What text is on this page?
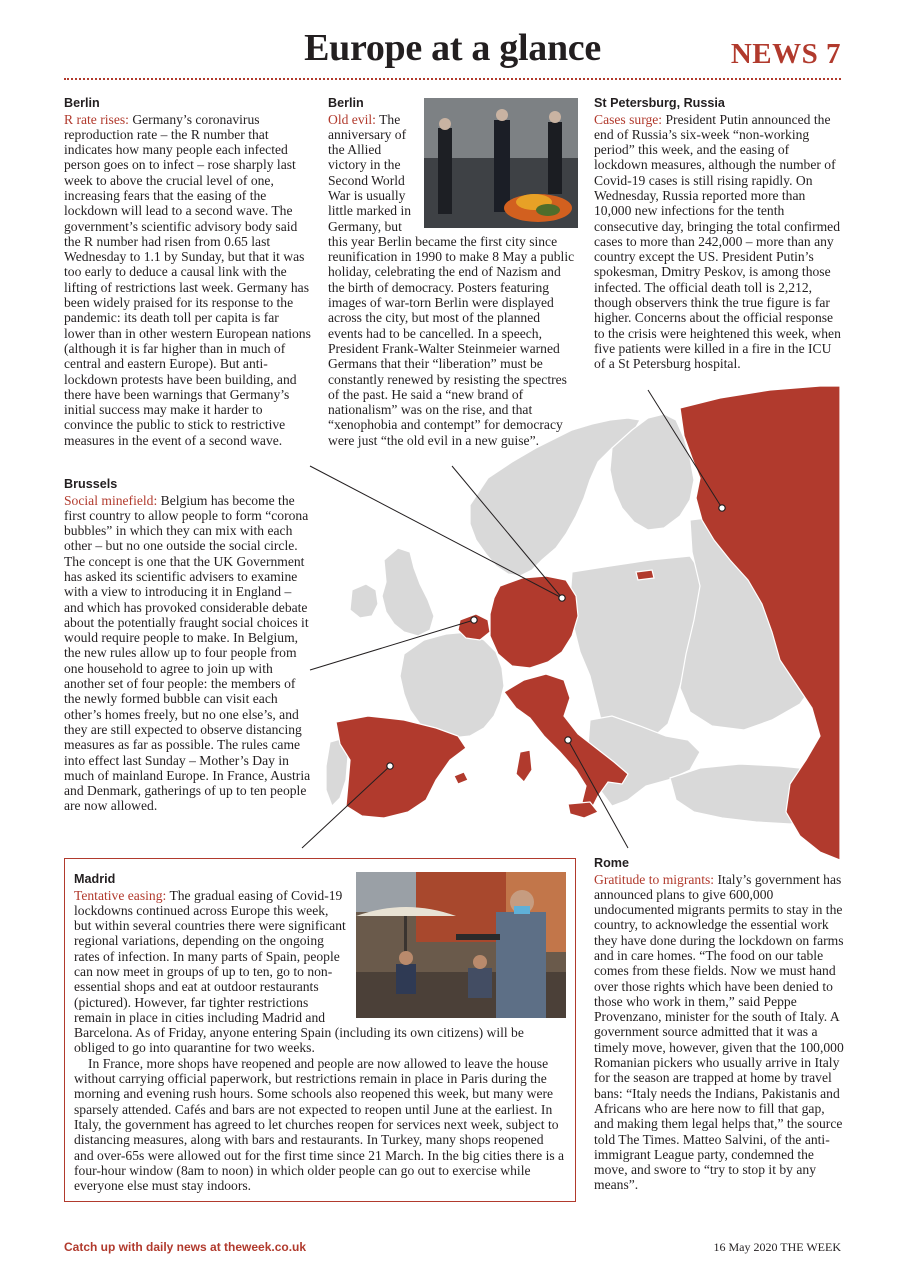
Europe at a glance	NEWS 7
Berlin

R rate rises: Germany’s coronavirus reproduction rate – the R number that indicates how many people each infected person goes on to infect – rose sharply last week to above the crucial level of one, increasing fears that the easing of the lockdown will lead to a second wave. The government’s scientific advisory body said the R number had risen from 0.65 last Wednesday to 1.1 by Sunday, but that it was too early to deduce a causal link with the lifting of restrictions last week. Germany has been widely praised for its response to the pandemic: its death toll per capita is far lower than in other western European nations (although it is far higher than in much of central and eastern Europe). But anti-lockdown protests have been building, and there have been warnings that Germany’s initial success may make it harder to convince the public to stick to restrictive measures in the event of a second wave.

Berlin

Old evil: The anniversary of the Allied victory in the Second World War is usually little marked in Germany, but this year Berlin became the first city since reunification in 1990 to make 8 May a public holiday, celebrating the end of Nazism and the birth of democracy. Posters featuring images of war-torn Berlin were displayed across the city, but most of the planned events had to be cancelled. In a speech, President Frank-Walter Steinmeier warned Germans that their “liberation” must be constantly renewed by resisting the spectres of the past. He said a “new brand of nationalism” was on the rise, and that “xenophobia and contempt” for democracy were just “the old evil in a new guise”.

St Petersburg, Russia

Cases surge: President Putin announced the end of Russia’s six-week “non-working period” this week, and the easing of lockdown measures, although the number of Covid-19 cases is still rising rapidly. On Wednesday, Russia reported more than 10,000 new infections for the tenth consecutive day, bringing the total confirmed cases to more than 242,000 – more than any country except the US. President Putin’s spokesman, Dmitry Peskov, is among those infected. The official death toll is 2,212, though observers think the true figure is far higher. Concerns about the official response to the crisis were heightened this week, when five patients were killed in a fire in the ICU of a St Petersburg hospital.

Brussels

Social minefield: Belgium has become the first country to allow people to form “corona bubbles” in which they can mix with each other – but no one outside the social circle. The concept is one that the UK Government has asked its scientific advisers to examine with a view to introducing it in England – and which has provoked considerable debate about the potentially fraught social choices it would require people to make. In Belgium, the new rules allow up to four people from one household to agree to join up with another set of four people: the members of the newly formed bubble can visit each other’s homes freely, but no one else’s, and they are still expected to observe distancing measures as far as possible. The rules came into effect last Sunday – Mother’s Day in much of mainland Europe. In France, Austria and Denmark, gatherings of up to ten people are now allowed.

Madrid

Tentative easing: The gradual easing of Covid-19 lockdowns continued across Europe this week, but within several countries there were significant regional variations, depending on the ongoing rates of infection. In many parts of Spain, people can now meet in groups of up to ten, go to non-essential shops and eat at outdoor restaurants (pictured). However, far tighter restrictions remain in place in cities including Madrid and Barcelona. As of Friday, anyone entering Spain (including its own citizens) will be obliged to go into quarantine for two weeks.

In France, more shops have reopened and people are now allowed to leave the house without carrying official paperwork, but restrictions remain in place in Paris during the morning and evening rush hours. Some schools also reopened this week, but many were sparsely attended. Cafés and bars are not expected to reopen until June at the earliest. In Italy, the government has agreed to let churches reopen for services next week, subject to distancing measures, along with bars and restaurants. In Turkey, many shops reopened and over-65s were allowed out for the first time since 21 March. In the big cities there is a four-hour window (8am to noon) in which older people can go out to exercise while everyone else must stay indoors.

Rome

Gratitude to migrants: Italy’s government has announced plans to give 600,000 undocumented migrants permits to stay in the country, to acknowledge the essential work they have done during the lockdown on farms and in care homes. “The food on our table comes from these fields. Now we must hand over those rights which have been denied to those who work in them,” said Peppe Provenzano, minister for the south of Italy. A government source admitted that it was a timely move, however, given that the 100,000 Romanian pickers who usually arrive in Italy for the season are trapped at home by travel bans: “Italy needs the Indians, Pakistanis and Africans who are here now to fill that gap, and making them legal helps that,” the source told The Times. Matteo Salvini, of the anti-immigrant League party, condemned the move, and swore to “try to stop it by any means”.

Catch up with daily news at theweek.co.uk	16 May 2020 THE WEEK
